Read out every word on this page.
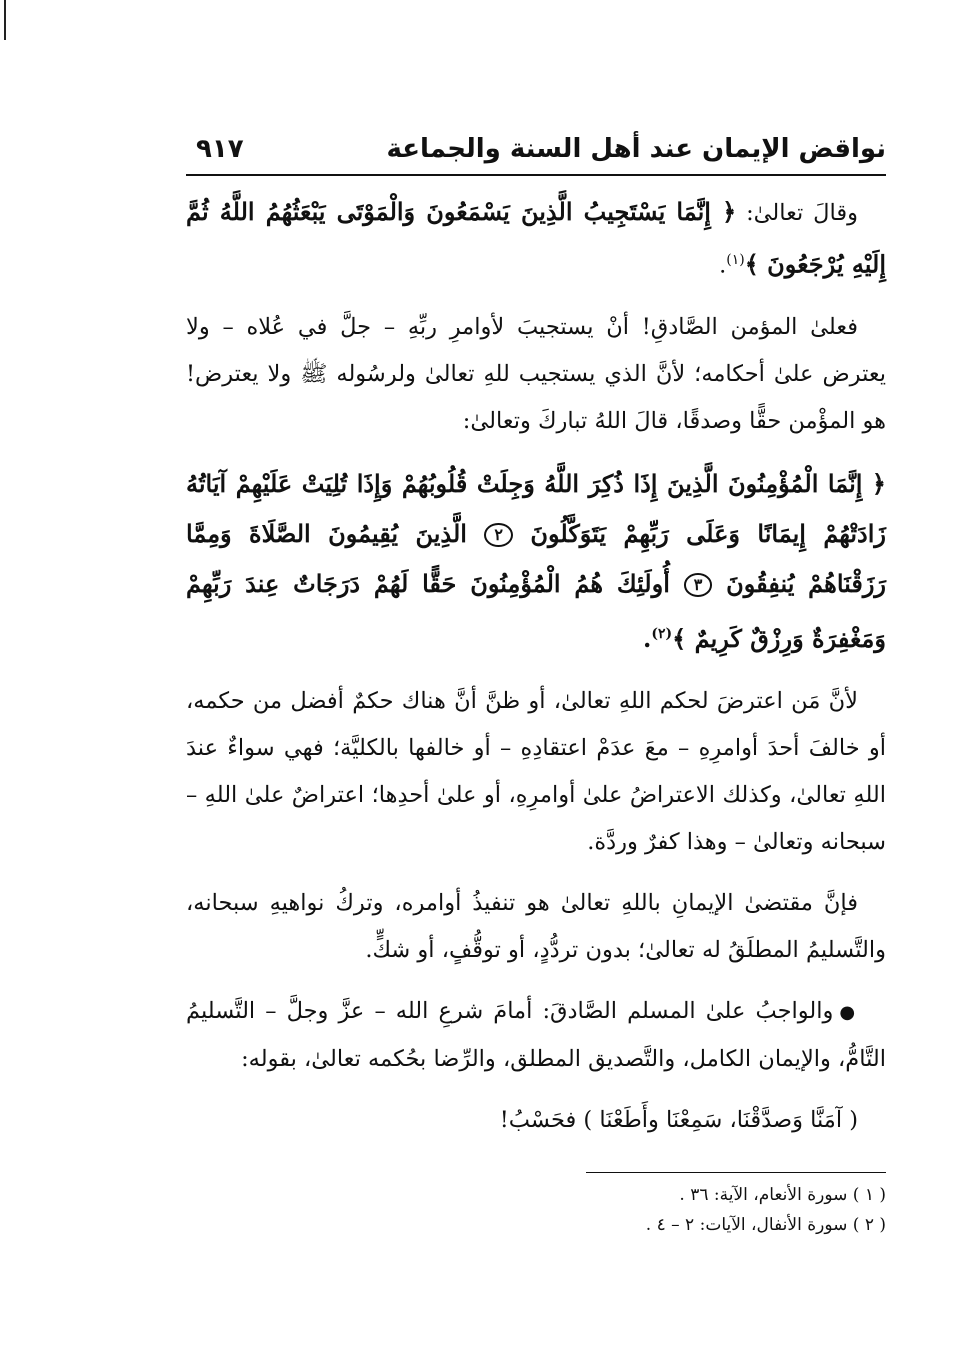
نواقض الإيمان عند أهل السنة والجماعة
٩١٧

وقالَ تعالىٰ: ﴿ إِنَّمَا يَسْتَجِيبُ الَّذِينَ يَسْمَعُونَ وَالْمَوْتَى يَبْعَثُهُمُ اللَّهُ ثُمَّ إِلَيْهِ يُرْجَعُونَ ﴾$^{(١)}$.

فعلىٰ المؤمن الصَّادقِ! أنْ يستجيبَ لأوامرِ ربِّهِ – جلَّ في عُلاه – ولا يعترض علىٰ أحكامه؛ لأنَّ الذي يستجيب للهِ تعالىٰ ولرسُوله ﷺ ولا يعترض! هو المؤْمن حقًّا وصدقًا، قالَ اللهُ تباركَ وتعالىٰ:

﴿ إِنَّمَا الْمُؤْمِنُونَ الَّذِينَ إِذَا ذُكِرَ اللَّهُ وَجِلَتْ قُلُوبُهُمْ وَإِذَا تُلِيَتْ عَلَيْهِمْ آيَاتُهُ زَادَتْهُمْ إِيمَانًا وَعَلَى رَبِّهِمْ يَتَوَكَّلُونَ ٢ الَّذِينَ يُقِيمُونَ الصَّلَاةَ وَمِمَّا رَزَقْنَاهُمْ يُنفِقُونَ ٣ أُولَئِكَ هُمُ الْمُؤْمِنُونَ حَقًّا لَهُمْ دَرَجَاتٌ عِندَ رَبِّهِمْ وَمَغْفِرَةٌ وَرِزْقٌ كَرِيمٌ ﴾$^{(٢)}$.

لأنَّ مَن اعترضَ لحكم اللهِ تعالىٰ، أو ظنَّ أنَّ هناك حكمٌ أفضل من حكمه، أو خالفَ أحدَ أوامرِهِ – معَ عدَمْ اعتقادِهِ – أو خالفها بالكليَّة؛ فهي سواءٌ عندَ اللهِ تعالىٰ، وكذلك الاعتراضُ علىٰ أوامرِهِ، أو علىٰ أحدِها؛ اعتراضٌ علىٰ اللهِ – سبحانه وتعالىٰ – وهذا كفرٌ وردَّة.

فإنَّ مقتضىٰ الإيمانِ باللهِ تعالىٰ هو تنفيذُ أوامره، وتركُ نواهيهِ سبحانه، والتَّسليمُ المطلَقُ له تعالىٰ؛ بدون تردُّدٍ، أو توقُّفٍ، أو شكٍّ.

●والواجبُ علىٰ المسلم الصَّادقَ: أمامَ شرعِ الله – عزَّ وجلَّ – التَّسليمُ التَّامُّ، والإيمان الكامل، والتَّصديق المطلق، والرِّضا بحُكمه تعالىٰ، بقوله:

( آمَنَّا وَصدَّقْنَا، سَمِعْنَا وأَطَعْنَا ) فحَسْبُ!

( ١ ) سورة الأنعام، الآية: ٣٦ .
( ٢ ) سورة الأنفال، الآيات: ٢ – ٤ .
